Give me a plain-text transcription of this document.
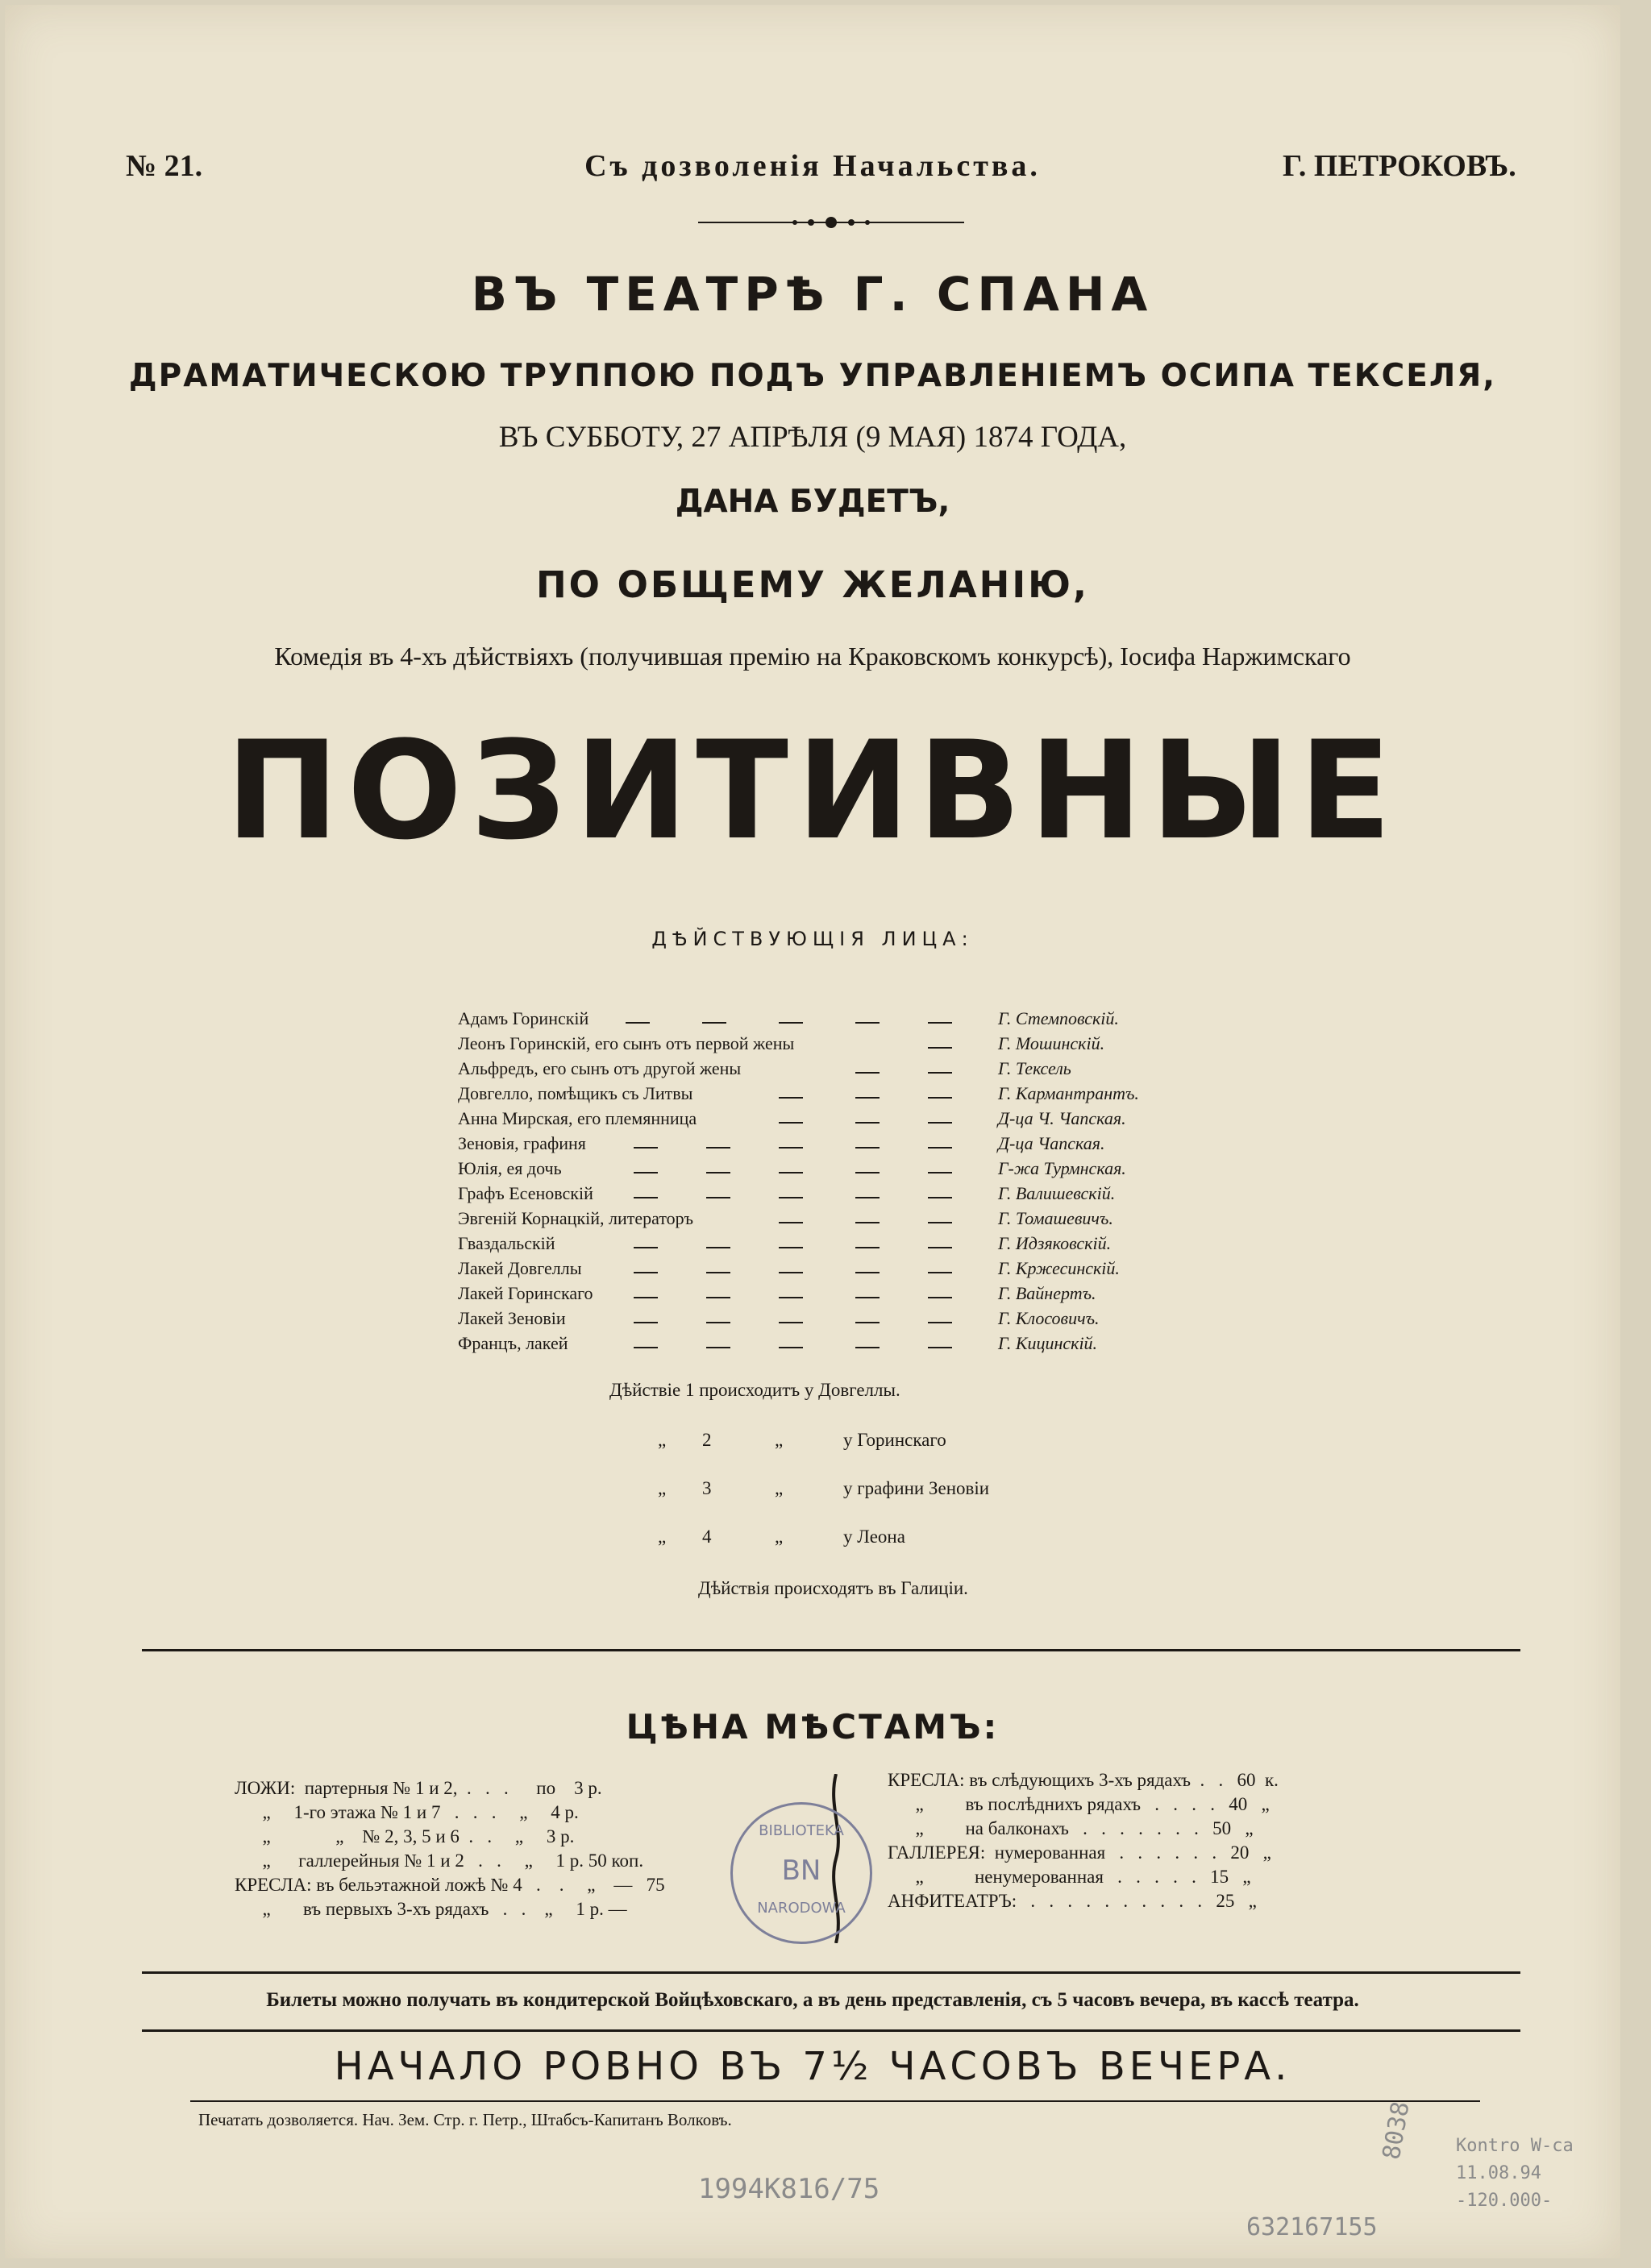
№ 21.	Съ дозволенія Начальства.	Г. ПЕТРОКОВЪ.
ВЪ ТЕАТРѢ Г. СПАНА
ДРАМАТИЧЕСКОЮ ТРУППОЮ ПОДЪ УПРАВЛЕНІЕМЪ ОСИПА ТЕКСЕЛЯ,
ВЪ СУББОТУ, 27 АПРѢЛЯ (9 МАЯ) 1874 ГОДА,
ДАНА БУДЕТЪ,
ПО ОБЩЕМУ ЖЕЛАНІЮ,
Комедія въ 4-хъ дѣйствіяхъ (получившая премію на Краковскомъ конкурсѣ), Іосифа Наржимскаго
ПОЗИТИВНЫЕ
ДѢЙСТВУЮЩІЯ ЛИЦА:
Адамъ Горинскій	Г. Стемповскій.
Леонъ Горинскій, его сынъ отъ первой жены	Г. Мошинскій.
Альфредъ, его сынъ отъ другой жены	Г. Тексель
Довгелло, помѣщикъ съ Литвы	Г. Кармантрантъ.
Анна Мирская, его племянница	Д-ца Ч. Чапская.
Зеновія, графиня	Д-ца Чапская.
Юлія, ея дочь	Г-жа Турмнская.
Графъ Есеновскій	Г. Валишевскій.
Эвгеній Корнацкій, литераторъ	Г. Томашевичъ.
Гваздальскій	Г. Идзяковскій.
Лакей Довгеллы	Г. Кржесинскій.
Лакей Горинскаго	Г. Вайнертъ.
Лакей Зеновіи	Г. Клосовичъ.
Францъ, лакей	Г. Кицинскій.
Дѣйствіе 1 происходитъ у Довгеллы.
„ 2	„	у Горинскаго
„ 3	„	у графини Зеновіи
„ 4	„	у Леона
Дѣйствія происходятъ въ Галиціи.
ЦѢНА МѢСТАМЪ:
ЛОЖИ:  партерныя № 1 и 2,  .   .   .      по    3 р.
„     1-го этажа № 1 и 7   .   .   .     „     4 р.
„              „    № 2, 3, 5 и 6  .   .     „     3 р.
„      галлерейныя № 1 и 2   .   .     „     1 р. 50 коп.
КРЕСЛА: въ бельэтажной ложѣ № 4   .    .     „    —   75
„       въ первыхъ 3-хъ рядахъ   .   .    „     1 р. —
КРЕСЛА: въ слѣдующихъ 3-хъ рядахъ  .   .   60  к.
„         въ послѣднихъ рядахъ   .   .   .   .   40   „
„         на балконахъ   .   .   .   .   .   .   .   50   „
ГАЛЛЕРЕЯ:  нумерованная   .   .   .   .   .   .   20   „
„           ненумерованная   .   .   .   .   .   15   „
АНФИТЕАТРЪ:   .   .   .   .   .   .   .   .   .   .   25   „
BIBLIOTEKA
BN
NARODOWA
Билеты можно получать въ кондитерской Войцѣховскаго, а въ день представленія, съ 5 часовъ вечера, въ кассѣ театра.
НАЧАЛО РОВНО ВЪ 7½ ЧАСОВЪ ВЕЧЕРА.
Печатать дозволяется. Нач. Зем. Стр. г. Петр., Штабсъ-Капитанъ Волковъ.
1994K816/75
8038
632167155
Kontro W-ca 11.08.94 -120.000-
